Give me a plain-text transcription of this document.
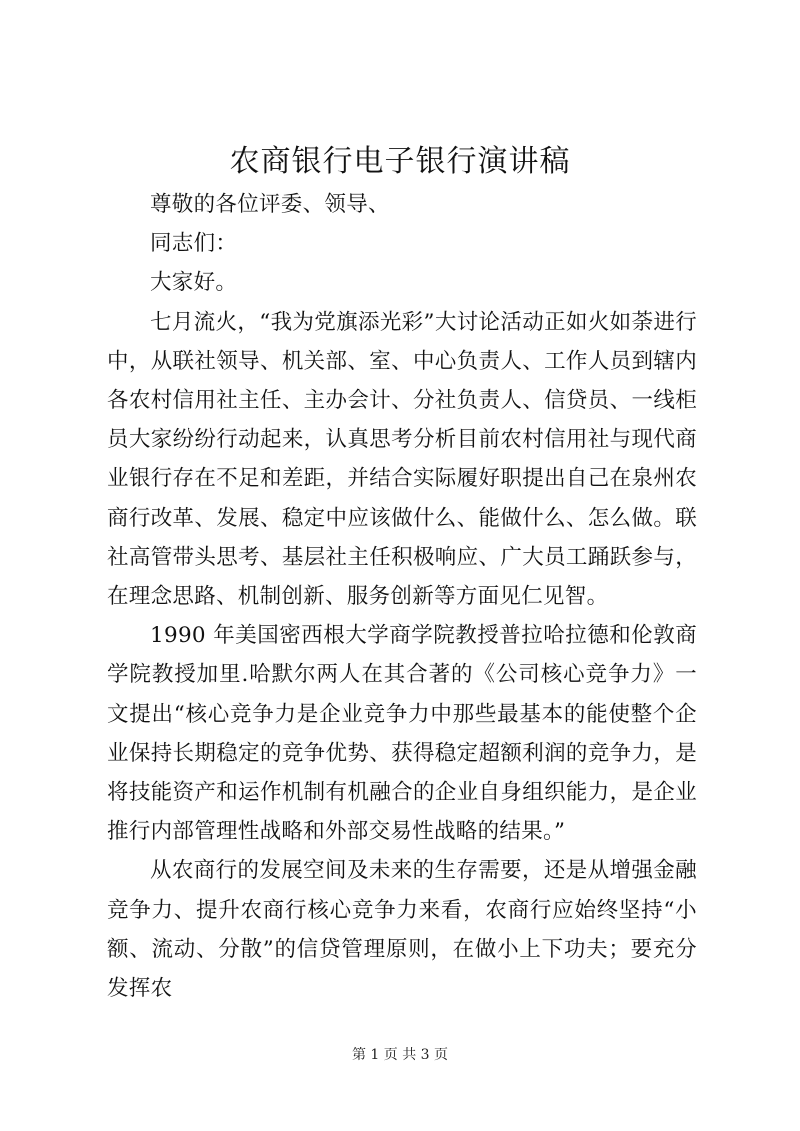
农商银行电子银行演讲稿

尊敬的各位评委、领导、

同志们：

大家好。

七月流火，“我为党旗添光彩”大讨论活动正如火如荼进行中，从联社领导、机关部、室、中心负责人、工作人员到辖内各农村信用社主任、主办会计、分社负责人、信贷员、一线柜员大家纷纷行动起来，认真思考分析目前农村信用社与现代商业银行存在不足和差距，并结合实际履好职提出自己在泉州农商行改革、发展、稳定中应该做什么、能做什么、怎么做。联社高管带头思考、基层社主任积极响应、广大员工踊跃参与，在理念思路、机制创新、服务创新等方面见仁见智。

1990 年美国密西根大学商学院教授普拉哈拉德和伦敦商学院教授加里.哈默尔两人在其合著的《公司核心竞争力》一文提出“核心竞争力是企业竞争力中那些最基本的能使整个企业保持长期稳定的竞争优势、获得稳定超额利润的竞争力，是将技能资产和运作机制有机融合的企业自身组织能力，是企业推行内部管理性战略和外部交易性战略的结果。”

从农商行的发展空间及未来的生存需要，还是从增强金融竞争力、提升农商行核心竞争力来看，农商行应始终坚持“小额、流动、分散”的信贷管理原则，在做小上下功夫；要充分发挥农

第 1 页 共 3 页
